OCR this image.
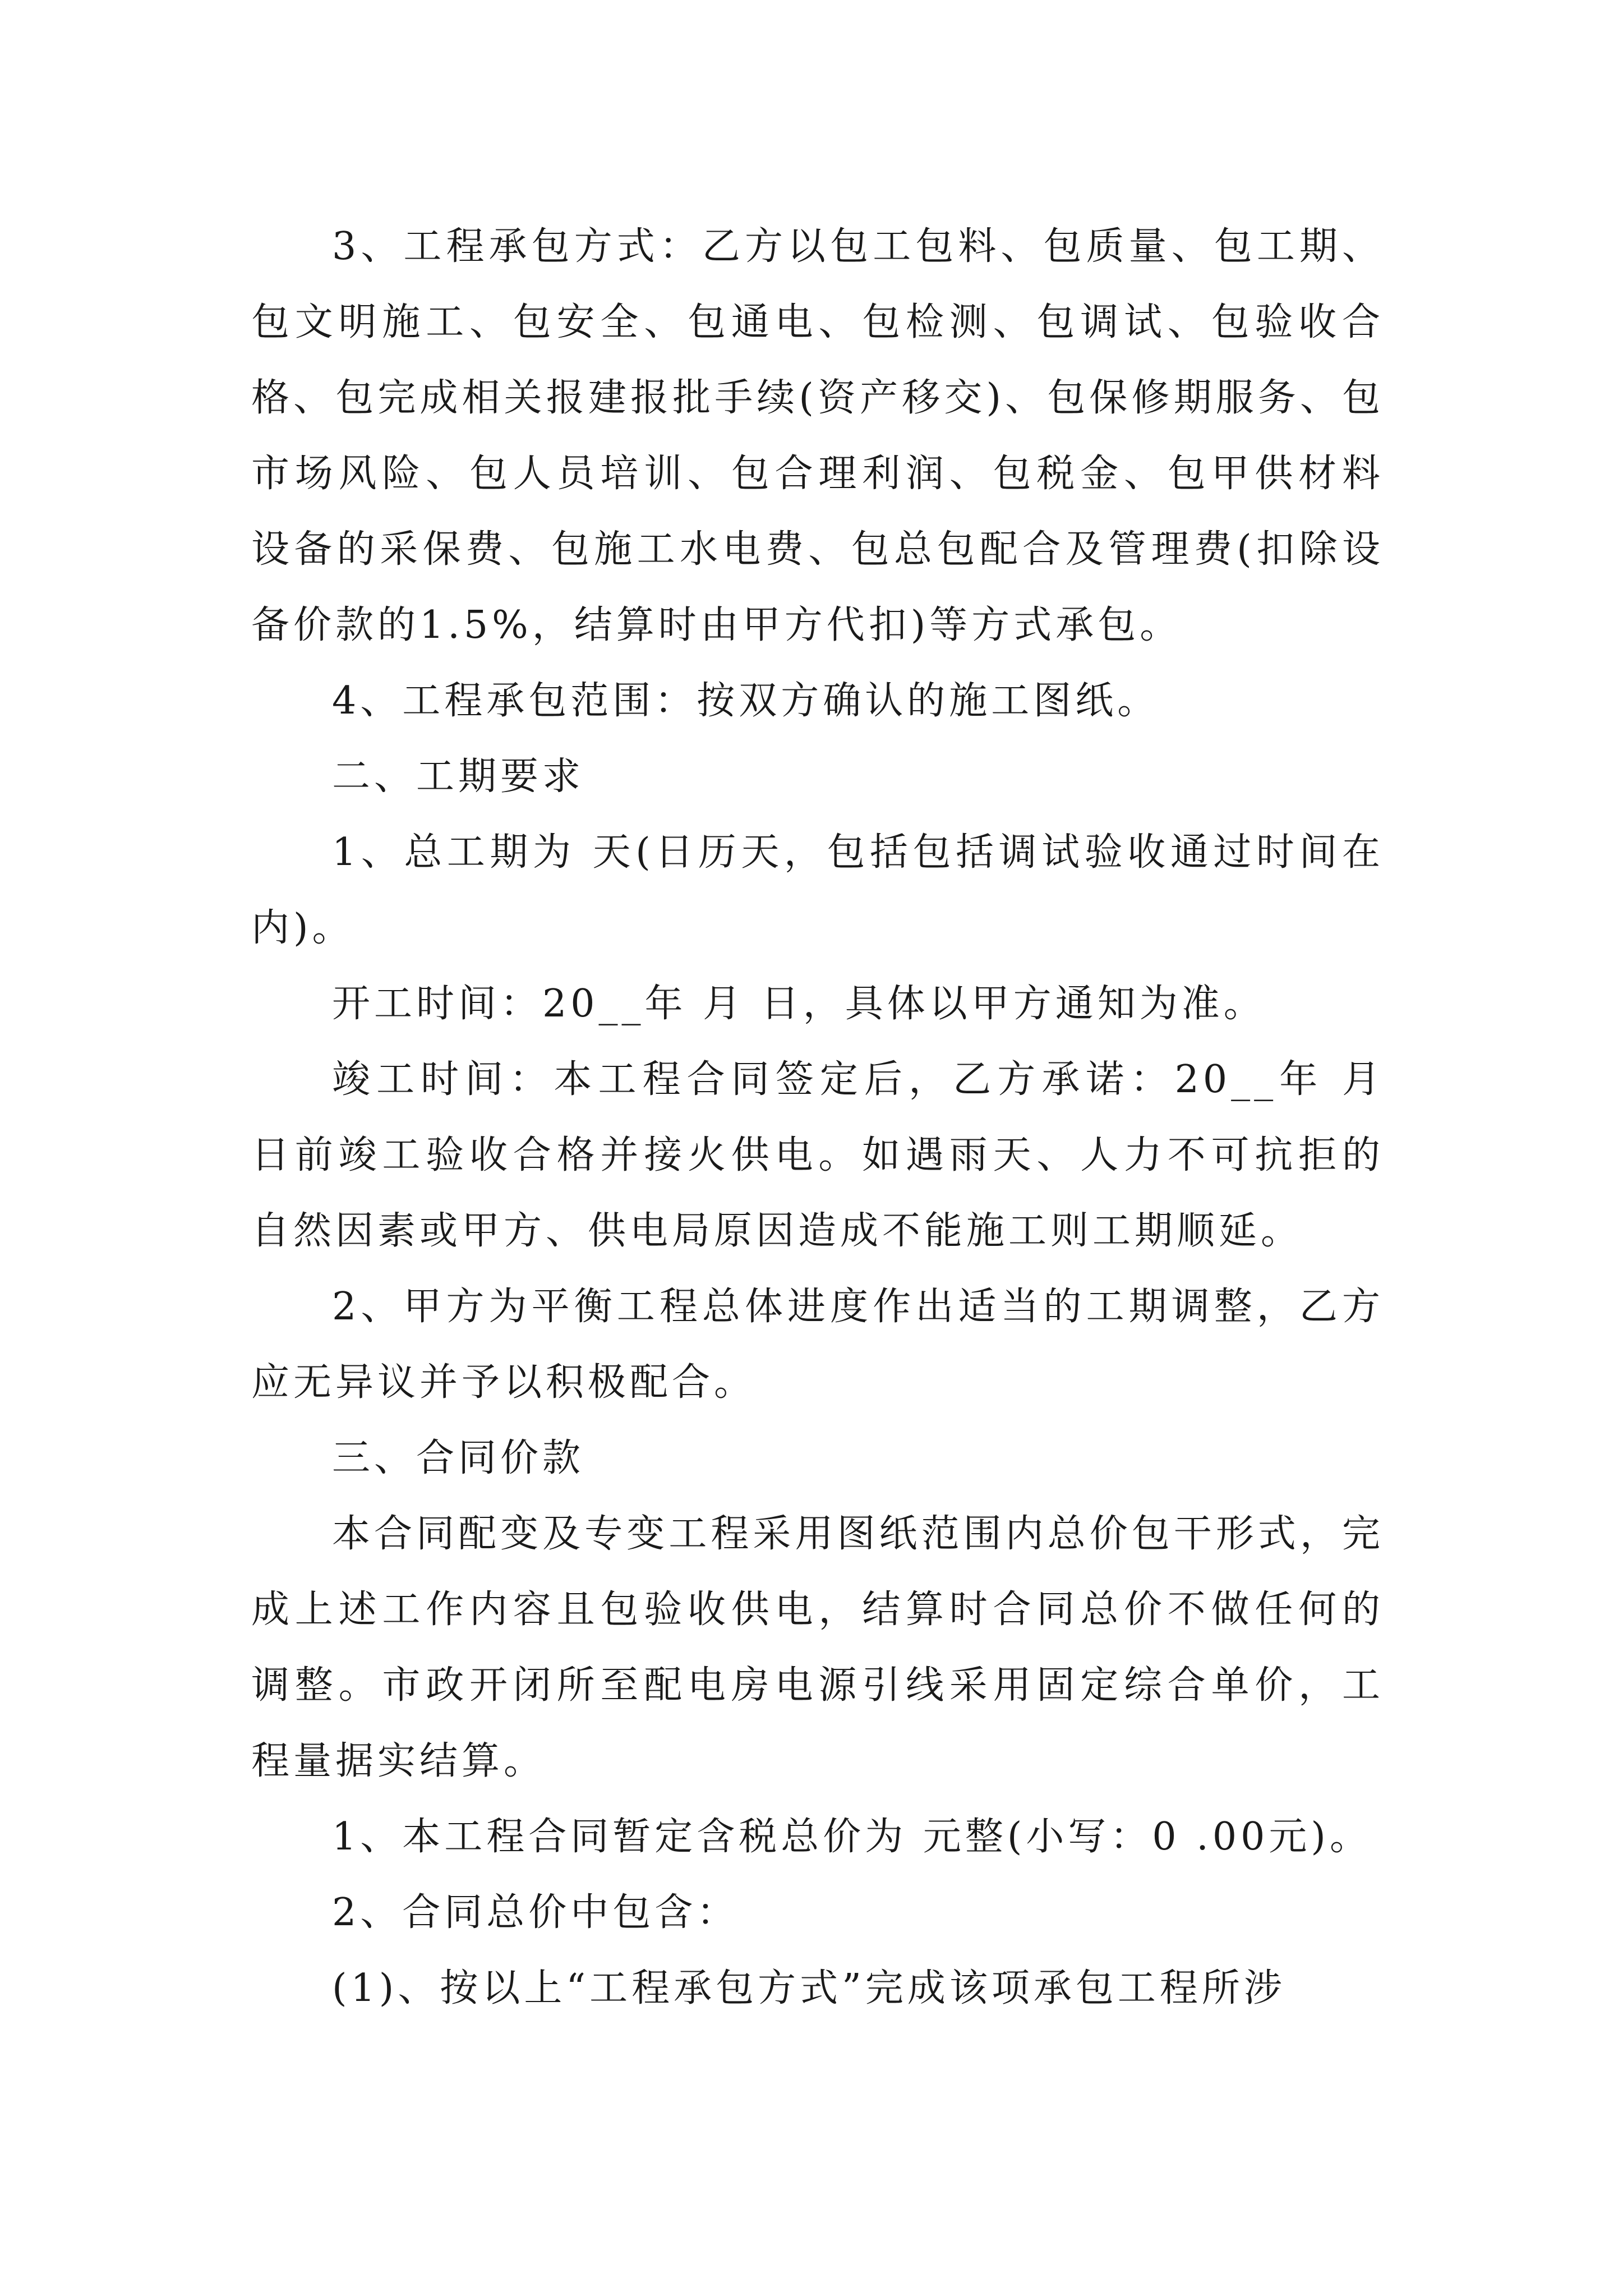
3、工程承包方式：乙方以包工包料、包质量、包工期、包文明施工、包安全、包通电、包检测、包调试、包验收合格、包完成相关报建报批手续(资产移交)、包保修期服务、包市场风险、包人员培训、包合理利润、包税金、包甲供材料设备的采保费、包施工水电费、包总包配合及管理费(扣除设备价款的1.5%，结算时由甲方代扣)等方式承包。

4、工程承包范围：按双方确认的施工图纸。

二、工期要求

1、总工期为 天(日历天，包括包括调试验收通过时间在内)。

开工时间：20__年 月 日，具体以甲方通知为准。

竣工时间：本工程合同签定后，乙方承诺：20__年 月 日前竣工验收合格并接火供电。如遇雨天、人力不可抗拒的自然因素或甲方、供电局原因造成不能施工则工期顺延。

2、甲方为平衡工程总体进度作出适当的工期调整，乙方应无异议并予以积极配合。

三、合同价款

本合同配变及专变工程采用图纸范围内总价包干形式，完成上述工作内容且包验收供电，结算时合同总价不做任何的调整。市政开闭所至配电房电源引线采用固定综合单价，工程量据实结算。

1、本工程合同暂定含税总价为 元整(小写：0 .00元)。

2、合同总价中包含：

(1)、按以上“工程承包方式”完成该项承包工程所涉
